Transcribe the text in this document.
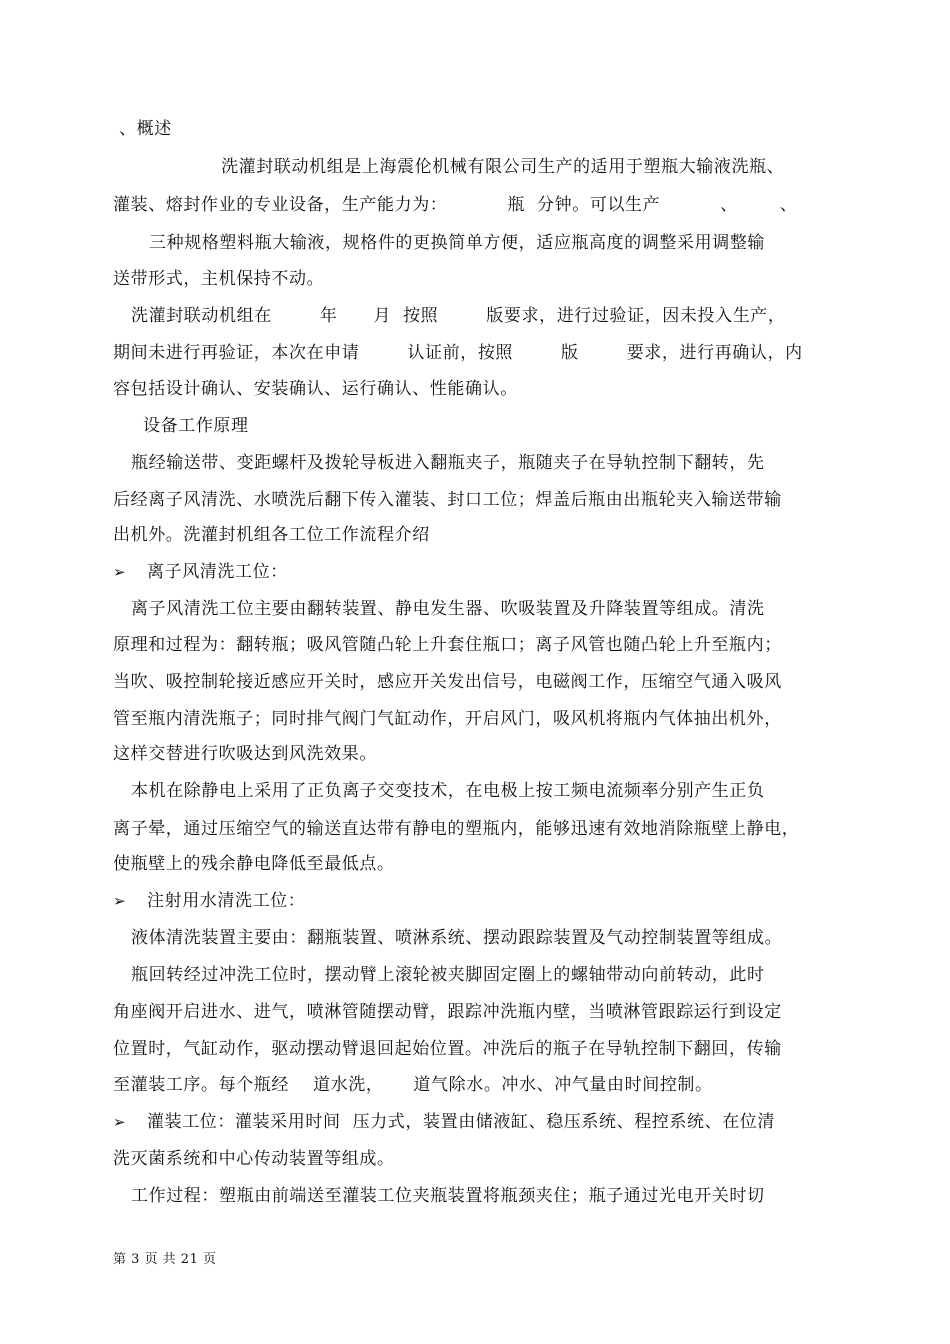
、概述
洗灌封联动机组是上海震伦机械有限公司生产的适用于塑瓶大输液洗瓶、
灌装、熔封作业的专业设备，生产能力为：          瓶  分钟。可以生产          、       、
三种规格塑料瓶大输液，规格件的更换简单方便，适应瓶高度的调整采用调整输
送带形式，主机保持不动。
洗灌封联动机组在        年      月  按照        版要求，进行过验证，因未投入生产，
期间未进行再验证，本次在申请        认证前，按照        版        要求，进行再确认，内
容包括设计确认、安装确认、运行确认、性能确认。
设备工作原理
瓶经输送带、变距螺杆及拨轮导板进入翻瓶夹子，瓶随夹子在导轨控制下翻转，先
后经离子风清洗、水喷洗后翻下传入灌装、封口工位；焊盖后瓶由出瓶轮夹入输送带输
出机外。洗灌封机组各工位工作流程介绍
离子风清洗工位主要由翻转装置、静电发生器、吹吸装置及升降装置等组成。清洗
原理和过程为：翻转瓶；吸风管随凸轮上升套住瓶口；离子风管也随凸轮上升至瓶内；
当吹、吸控制轮接近感应开关时，感应开关发出信号，电磁阀工作，压缩空气通入吸风
管至瓶内清洗瓶子；同时排气阀门气缸动作，开启风门，吸风机将瓶内气体抽出机外，
这样交替进行吹吸达到风洗效果。
本机在除静电上采用了正负离子交变技术，在电极上按工频电流频率分别产生正负
离子晕，通过压缩空气的输送直达带有静电的塑瓶内，能够迅速有效地消除瓶壁上静电，
使瓶壁上的残余静电降低至最低点。
液体清洗装置主要由：翻瓶装置、喷淋系统、摆动跟踪装置及气动控制装置等组成。
瓶回转经过冲洗工位时，摆动臂上滚轮被夹脚固定圈上的螺轴带动向前转动，此时
角座阀开启进水、进气，喷淋管随摆动臂，跟踪冲洗瓶内壁，当喷淋管跟踪运行到设定
位置时，气缸动作，驱动摆动臂退回起始位置。冲洗后的瓶子在导轨控制下翻回，传输
至灌装工序。每个瓶经    道水洗，     道气除水。冲水、冲气量由时间控制。
洗灭菌系统和中心传动装置等组成。
工作过程：塑瓶由前端送至灌装工位夹瓶装置将瓶颈夹住；瓶子通过光电开关时切
➢ 离子风清洗工位：
➢ 注射用水清洗工位：
➢ 灌装工位：灌装采用时间  压力式，装置由储液缸、稳压系统、程控系统、在位清
第 3 页 共 21 页
